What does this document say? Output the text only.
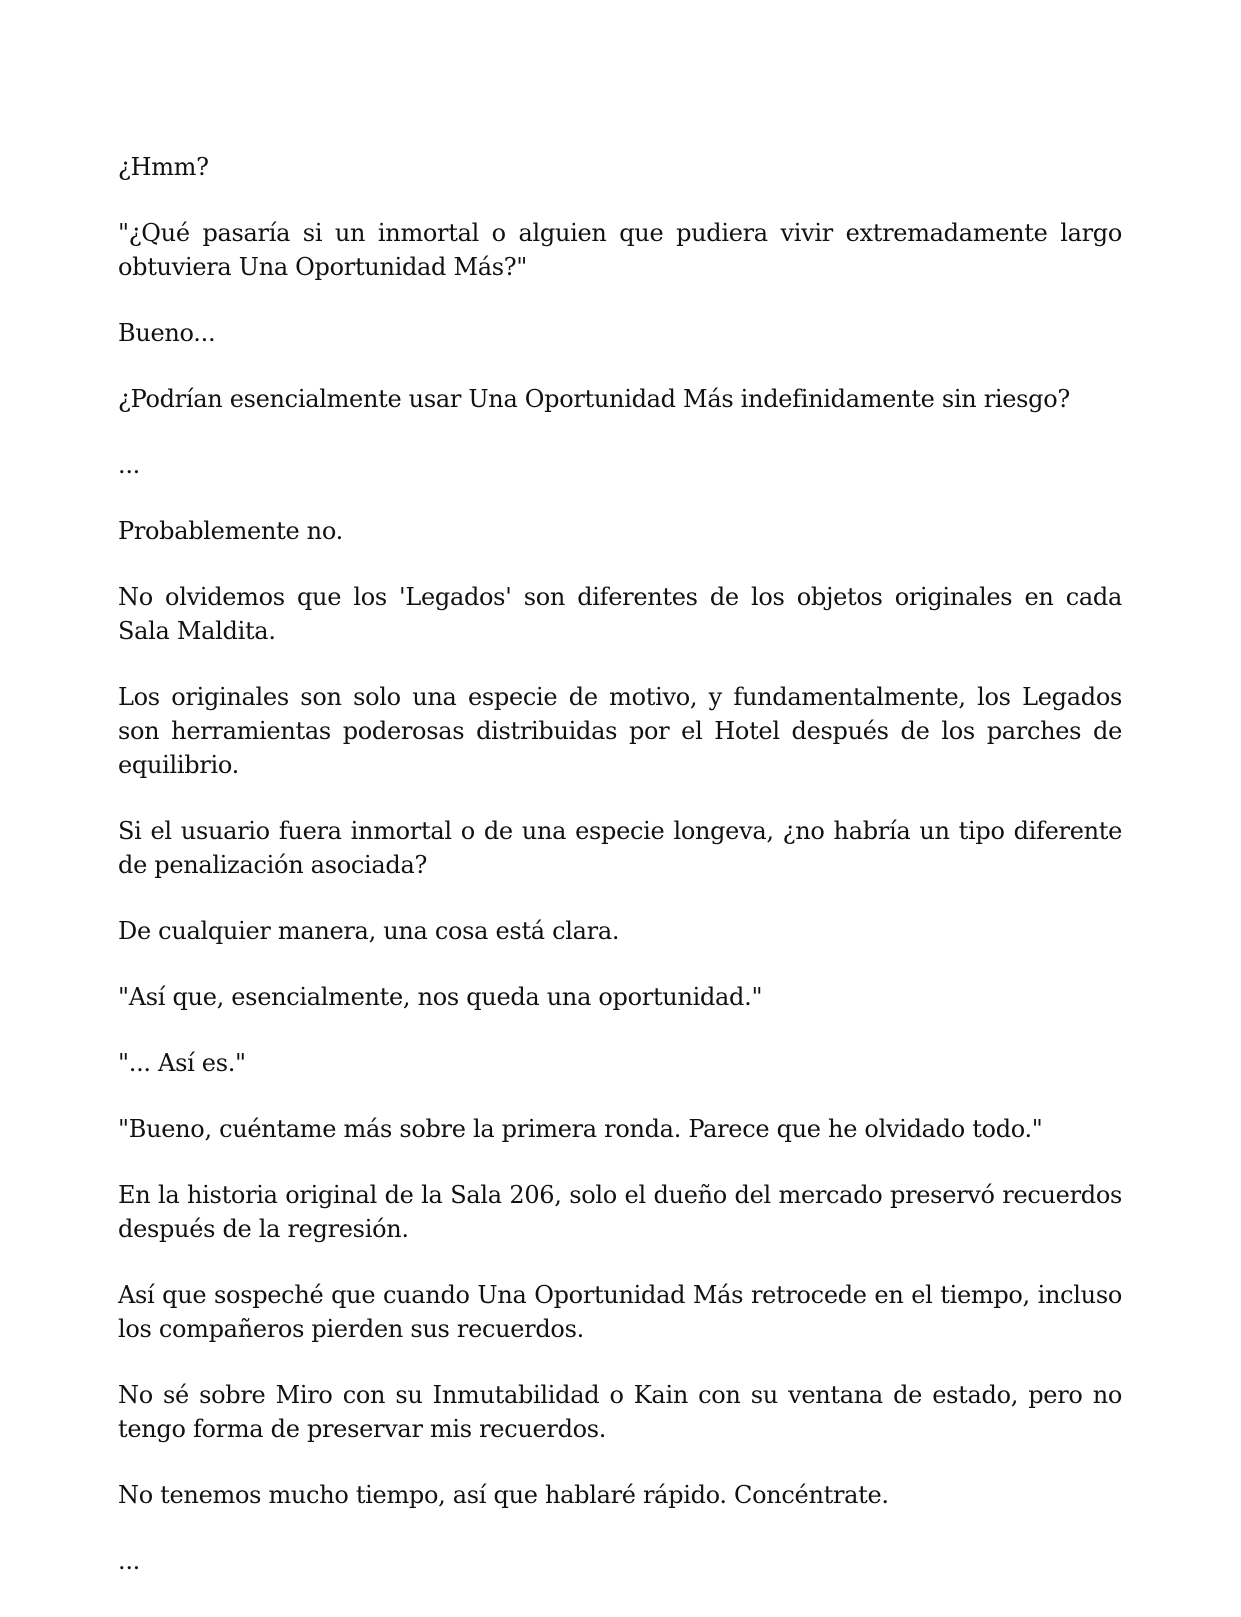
¿Hmm?

"¿Qué pasaría si un inmortal o alguien que pudiera vivir extremadamente largo obtuviera Una Oportunidad Más?"

Bueno...

¿Podrían esencialmente usar Una Oportunidad Más indefinidamente sin riesgo?

...

Probablemente no.

No olvidemos que los 'Legados' son diferentes de los objetos originales en cada Sala Maldita.

Los originales son solo una especie de motivo, y fundamentalmente, los Legados son herramientas poderosas distribuidas por el Hotel después de los parches de equilibrio.

Si el usuario fuera inmortal o de una especie longeva, ¿no habría un tipo diferente de penalización asociada?

De cualquier manera, una cosa está clara.

"Así que, esencialmente, nos queda una oportunidad."

"... Así es."

"Bueno, cuéntame más sobre la primera ronda. Parece que he olvidado todo."

En la historia original de la Sala 206, solo el dueño del mercado preservó recuerdos después de la regresión.

Así que sospeché que cuando Una Oportunidad Más retrocede en el tiempo, incluso los compañeros pierden sus recuerdos.

No sé sobre Miro con su Inmutabilidad o Kain con su ventana de estado, pero no tengo forma de preservar mis recuerdos.

No tenemos mucho tiempo, así que hablaré rápido. Concéntrate.

...
